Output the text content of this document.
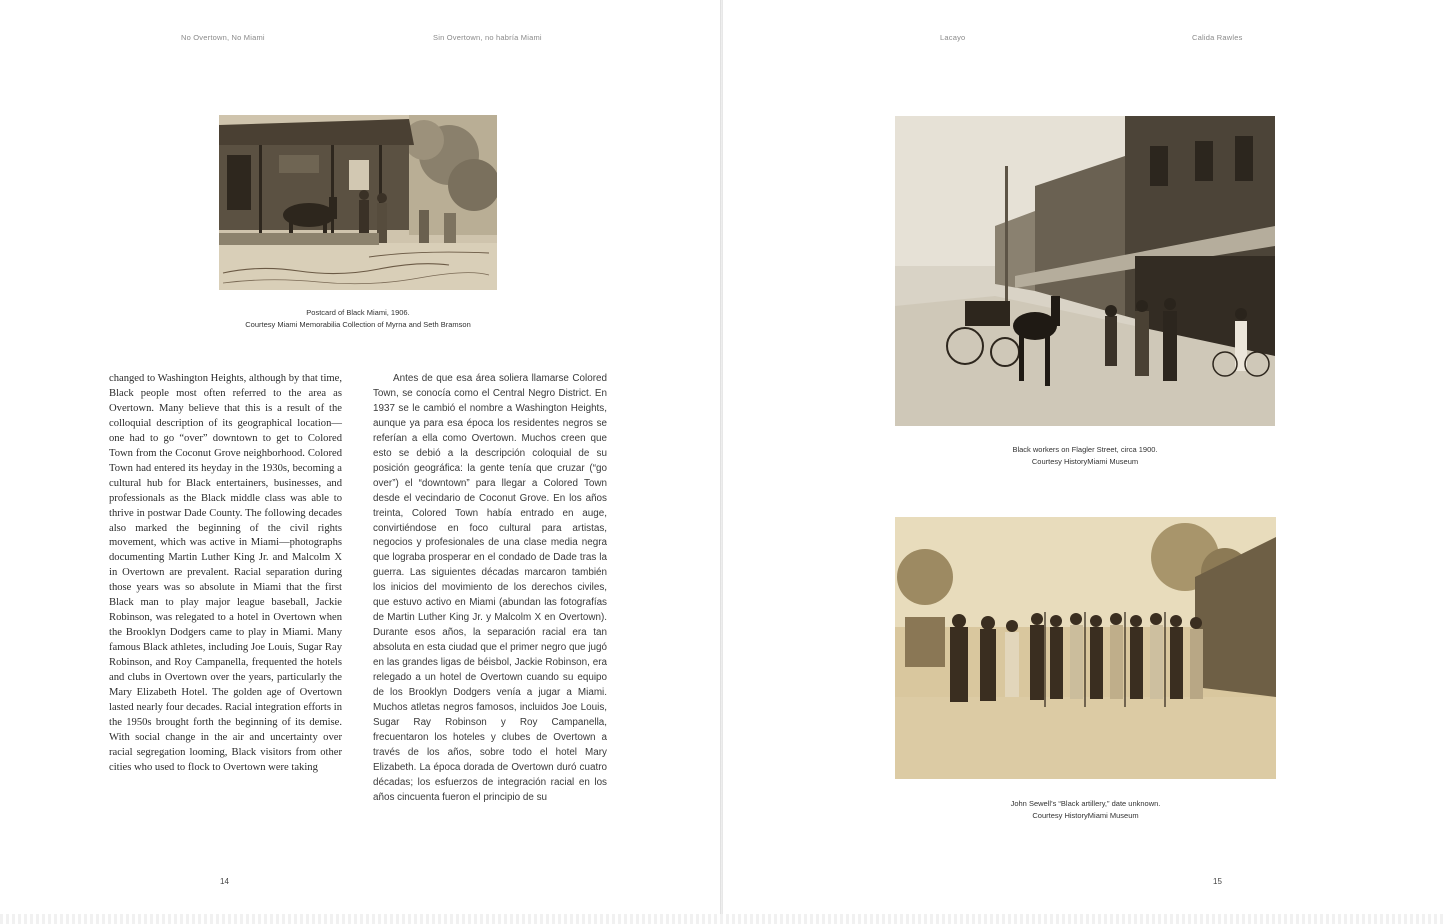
No Overtown, No Miami	Sin Overtown, no habría Miami
Postcard of Black Miami, 1906.
Courtesy Miami Memorabilia Collection of Myrna and Seth Bramson
changed to Washington Heights, although by that time, Black people most often referred to the area as Overtown. Many believe that this is a result of the colloquial description of its geographical location—one had to go “over” downtown to get to Colored Town from the Coconut Grove neighborhood. Colored Town had entered its heyday in the 1930s, becoming a cultural hub for Black entertainers, businesses, and professionals as the Black middle class was able to thrive in postwar Dade County. The following decades also marked the beginning of the civil rights movement, which was active in Miami—photographs documenting Martin Luther King Jr. and Malcolm X in Overtown are prevalent. Racial separation during those years was so absolute in Miami that the first Black man to play major league baseball, Jackie Robinson, was relegated to a hotel in Overtown when the Brooklyn Dodgers came to play in Miami. Many famous Black athletes, including Joe Louis, Sugar Ray Robinson, and Roy Campanella, frequented the hotels and clubs in Overtown over the years, particularly the Mary Elizabeth Hotel. The golden age of Overtown lasted nearly four decades. Racial integration efforts in the 1950s brought forth the beginning of its demise. With social change in the air and uncertainty over racial segregation looming, Black visitors from other cities who used to flock to Overtown were taking
Antes de que esa área soliera llamarse Colored Town, se conocía como el Central Negro District. En 1937 se le cambió el nombre a Washington Heights, aunque ya para esa época los residentes negros se referían a ella como Overtown. Muchos creen que esto se debió a la descripción coloquial de su posición geográfica: la gente tenía que cruzar (“go over”) el “downtown” para llegar a Colored Town desde el vecindario de Coconut Grove. En los años treinta, Colored Town había entrado en auge, convirtiéndose en foco cultural para artistas, negocios y profesionales de una clase media negra que lograba prosperar en el condado de Dade tras la guerra. Las siguientes décadas marcaron también los inicios del movimiento de los derechos civiles, que estuvo activo en Miami (abundan las fotografías de Martin Luther King Jr. y Malcolm X en Overtown). Durante esos años, la separación racial era tan absoluta en esta ciudad que el primer negro que jugó en las grandes ligas de béisbol, Jackie Robinson, era relegado a un hotel de Overtown cuando su equipo de los Brooklyn Dodgers venía a jugar a Miami. Muchos atletas negros famosos, incluidos Joe Louis, Sugar Ray Robinson y Roy Campanella, frecuentaron los hoteles y clubes de Overtown a través de los años, sobre todo el hotel Mary Elizabeth. La época dorada de Overtown duró cuatro décadas; los esfuerzos de integración racial en los años cincuenta fueron el principio de su
14
Lacayo	Calida Rawles
Black workers on Flagler Street, circa 1900.
Courtesy HistoryMiami Museum
John Sewell’s “Black artillery,” date unknown.
Courtesy HistoryMiami Museum
15
